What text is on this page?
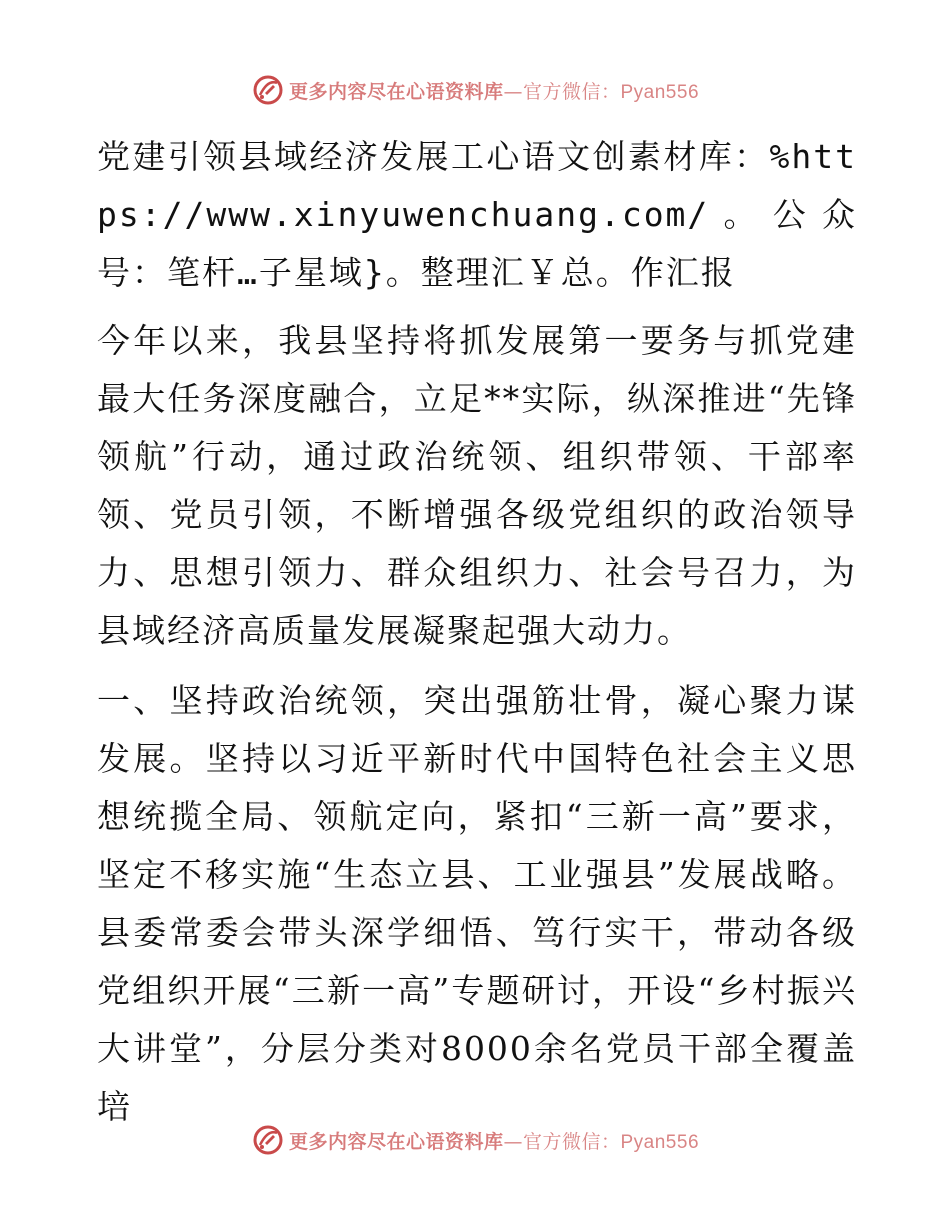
更多内容尽在心语资料库—官方微信：Pyan556

党建引领县域经济发展工心语文创素材库：%https://www.xinyuwenchuang.com/。公众号：笔杆…子星域}。整理汇￥总。作汇报

今年以来，我县坚持将抓发展第一要务与抓党建最大任务深度融合，立足**实际，纵深推进“先锋领航”行动，通过政治统领、组织带领、干部率领、党员引领，不断增强各级党组织的政治领导力、思想引领力、群众组织力、社会号召力，为县域经济高质量发展凝聚起强大动力。

一、坚持政治统领，突出强筋壮骨，凝心聚力谋发展。坚持以习近平新时代中国特色社会主义思想统揽全局、领航定向，紧扣“三新一高”要求，坚定不移实施“生态立县、工业强县”发展战略。县委常委会带头深学细悟、笃行实干，带动各级党组织开展“三新一高”专题研讨，开设“乡村振兴大讲堂”，分层分类对8000余名党员干部全覆盖培

更多内容尽在心语资料库—官方微信：Pyan556
